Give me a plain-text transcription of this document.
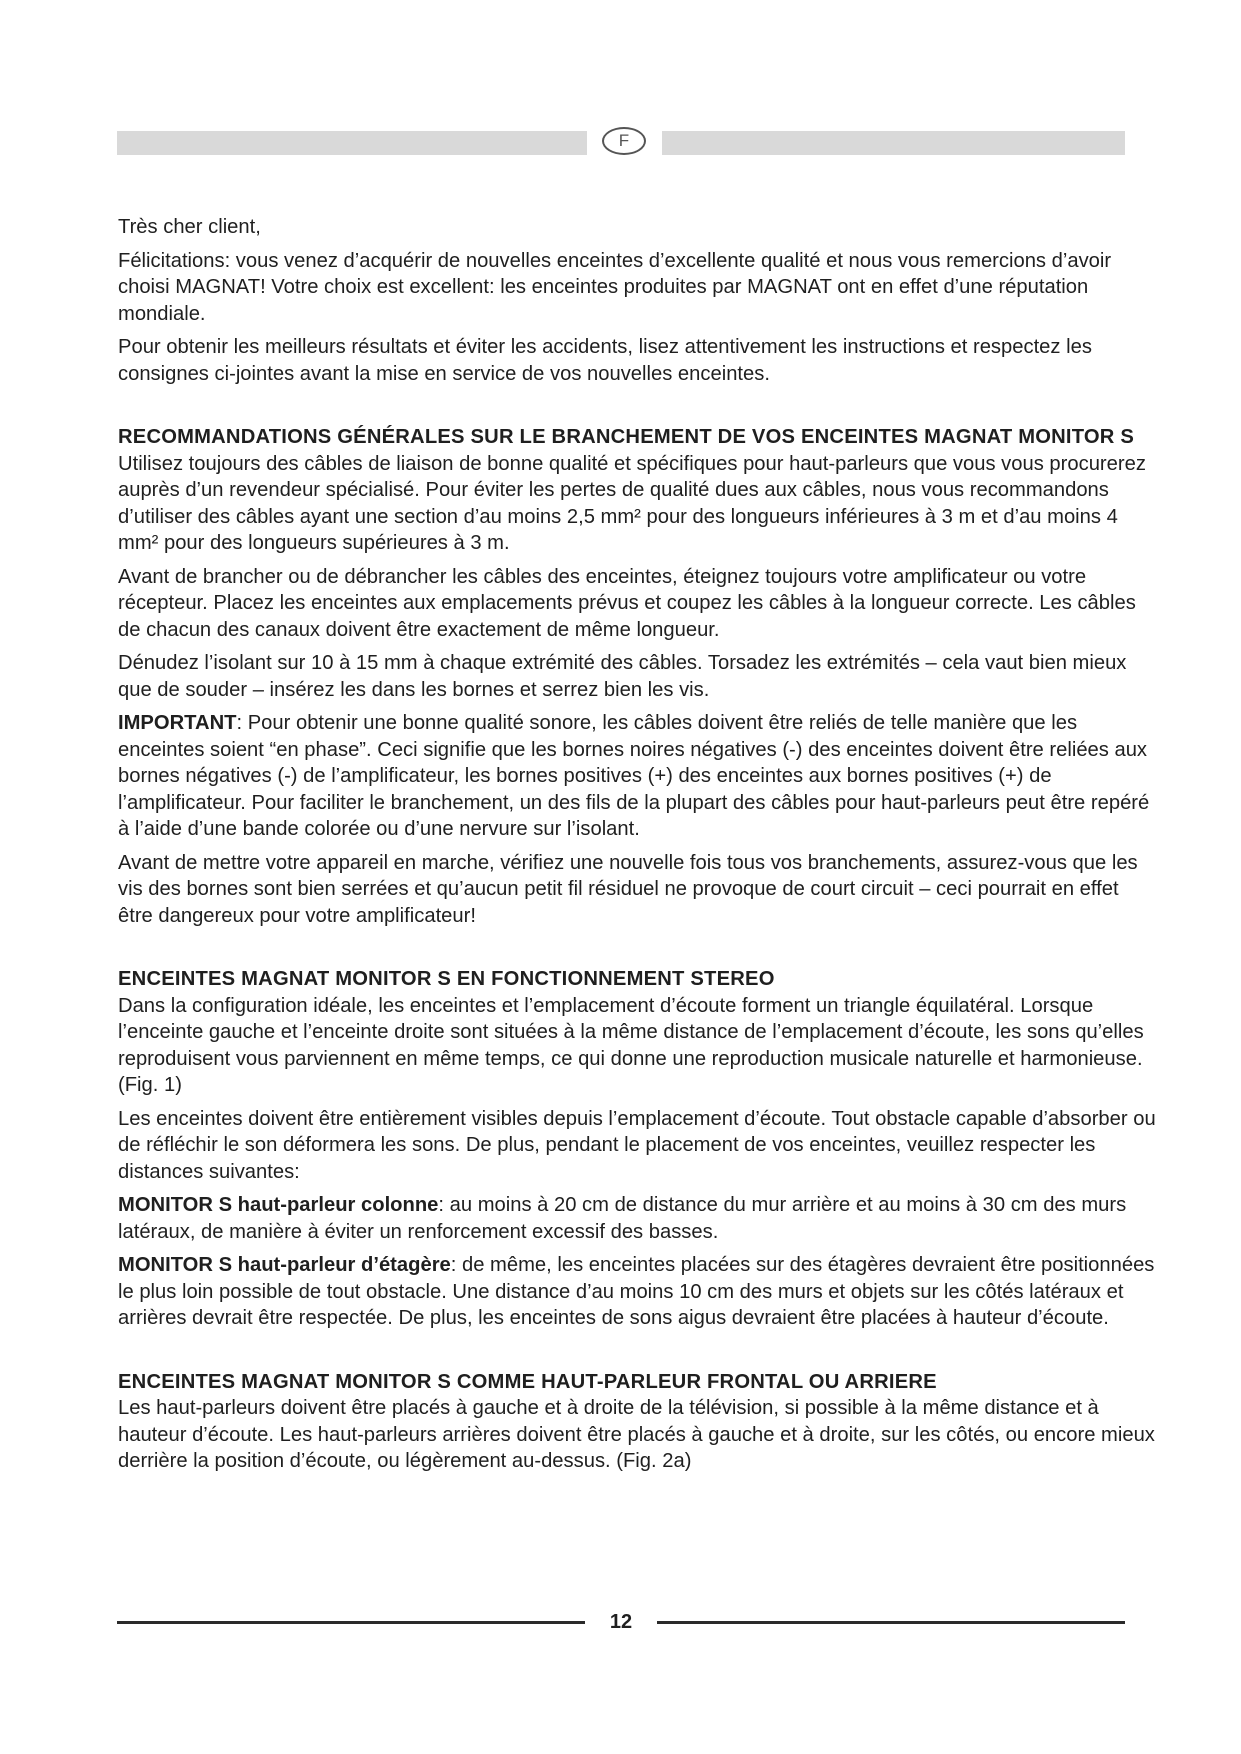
F

Très cher client,

Félicitations: vous venez d’acquérir de nouvelles enceintes d’excellente qualité et nous vous remercions d’avoir choisi MAGNAT! Votre choix est excellent: les enceintes produites par MAGNAT ont en effet d’une réputation mondiale.

Pour obtenir les meilleurs résultats et éviter les accidents, lisez attentivement les instructions et respectez les consignes ci-jointes avant la mise en service de vos nouvelles enceintes.

RECOMMANDATIONS GÉNÉRALES SUR LE BRANCHEMENT DE VOS ENCEINTES MAGNAT MONITOR S

Utilisez toujours des câbles de liaison de bonne qualité et spécifiques pour haut-parleurs que vous vous procurerez auprès d’un revendeur spécialisé. Pour éviter les pertes de qualité dues aux câbles, nous vous recommandons d’utiliser des câbles ayant une section d’au moins 2,5 mm² pour des longueurs inférieures à 3 m et d’au moins 4 mm² pour des longueurs supérieures à 3 m.

Avant de brancher ou de débrancher les câbles des enceintes, éteignez toujours votre amplificateur ou votre récepteur. Placez les enceintes aux emplacements prévus et coupez les câbles à la longueur correcte. Les câbles de chacun des canaux doivent être exactement de même longueur.

Dénudez l’isolant sur 10 à 15 mm à chaque extrémité des câbles. Torsadez les extrémités – cela vaut bien mieux que de souder – insérez les dans les bornes et serrez bien les vis.

IMPORTANT: Pour obtenir une bonne qualité sonore, les câbles doivent être reliés de telle manière que les enceintes soient “en phase”. Ceci signifie que les bornes noires négatives (-) des enceintes doivent être reliées aux bornes négatives (-) de l’amplificateur, les bornes positives (+) des enceintes aux bornes positives (+) de l’amplificateur. Pour faciliter le branchement, un des fils de la plupart des câbles pour haut-parleurs peut être repéré à l’aide d’une bande colorée ou d’une nervure sur l’isolant.

Avant de mettre votre appareil en marche, vérifiez une nouvelle fois tous vos branchements, assurez-vous que les vis des bornes sont bien serrées et qu’aucun petit fil résiduel ne provoque de court circuit – ceci pourrait en effet être dangereux pour votre amplificateur!

ENCEINTES MAGNAT MONITOR S EN FONCTIONNEMENT STEREO

Dans la configuration idéale, les enceintes et l’emplacement d’écoute forment un triangle équilatéral. Lorsque l’enceinte gauche et l’enceinte droite sont situées à la même distance de l’emplacement d’écoute, les sons qu’elles reproduisent vous parviennent en même temps, ce qui donne une reproduction musicale naturelle et harmonieuse. (Fig. 1)

Les enceintes doivent être entièrement visibles depuis l’emplacement d’écoute. Tout obstacle capable d’absorber ou de réfléchir le son déformera les sons. De plus, pendant le placement de vos enceintes, veuillez respecter les distances suivantes:

MONITOR S haut-parleur colonne: au moins à 20 cm de distance du mur arrière et au moins à 30 cm des murs latéraux, de manière à éviter un renforcement excessif des basses.

MONITOR S haut-parleur d’étagère: de même, les enceintes placées sur des étagères devraient être positionnées le plus loin possible de tout obstacle. Une distance d’au moins 10 cm des murs et objets sur les côtés latéraux et arrières devrait être respectée. De plus, les enceintes de sons aigus devraient être placées à hauteur d’écoute.

ENCEINTES MAGNAT MONITOR S COMME HAUT-PARLEUR FRONTAL OU ARRIERE

Les haut-parleurs doivent être placés à gauche et à droite de la télévision, si possible à la même distance et à hauteur d’écoute. Les haut-parleurs arrières doivent être placés à gauche et à droite, sur les côtés, ou encore mieux derrière la position d’écoute, ou légèrement au-dessus. (Fig. 2a)

12
